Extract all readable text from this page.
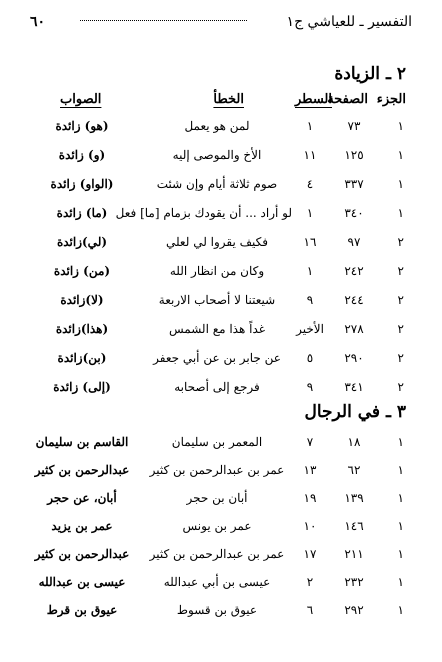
التفسير ـ للعياشي ج١
٦٠
٢ ـ الزيادة
الجزء
الصفحة
السطر
الخطأ
الصواب
١
٧٣
١
لمن هو يعمل
(هو) زائدة
١
١٢٥
١١
الأخ والموصى إليه
(و) زائدة
١
٣٣٧
٤
صوم ثلاثة أيام وإن شئت
(الواو) زائدة
١
٣٤٠
١
لو أراد ... أن يقودك بزمام [ما] فعل
(ما) زائدة
٢
٩٧
١٦
فكيف يقروا لي لعلي
(لي)زائدة
٢
٢٤٢
١
وكان من انظار الله
(من) زائدة
٢
٢٤٤
٩
شيعتنا لا أصحاب الاربعة
(لا)زائدة
٢
٢٧٨
الأخير
غداً هذا مع الشمس
(هذا)زائدة
٢
٢٩٠
٥
عن جابر بن عن أبي جعفر
(بن)زائدة
٢
٣٤١
٩
فرجع إلى أصحابه
(إلى) زائدة
٣ ـ في الرجال
١
١٨
٧
المعمر بن سليمان
القاسم بن سليمان
١
٦٢
١٣
عمر بن عبدالرحمن بن كثير
عبدالرحمن بن كثير
١
١٣٩
١٩
أبان بن حجر
أبان، عن حجر
١
١٤٦
١٠
عمر بن يونس
عمر بن يزيد
١
٢١١
١٧
عمر بن عبدالرحمن بن كثير
عبدالرحمن بن كثير
١
٢٣٢
٢
عيسى بن أبي عبدالله
عيسى بن عبدالله
١
٢٩٢
٦
عيوق بن قسوط
عيوق بن قرط
